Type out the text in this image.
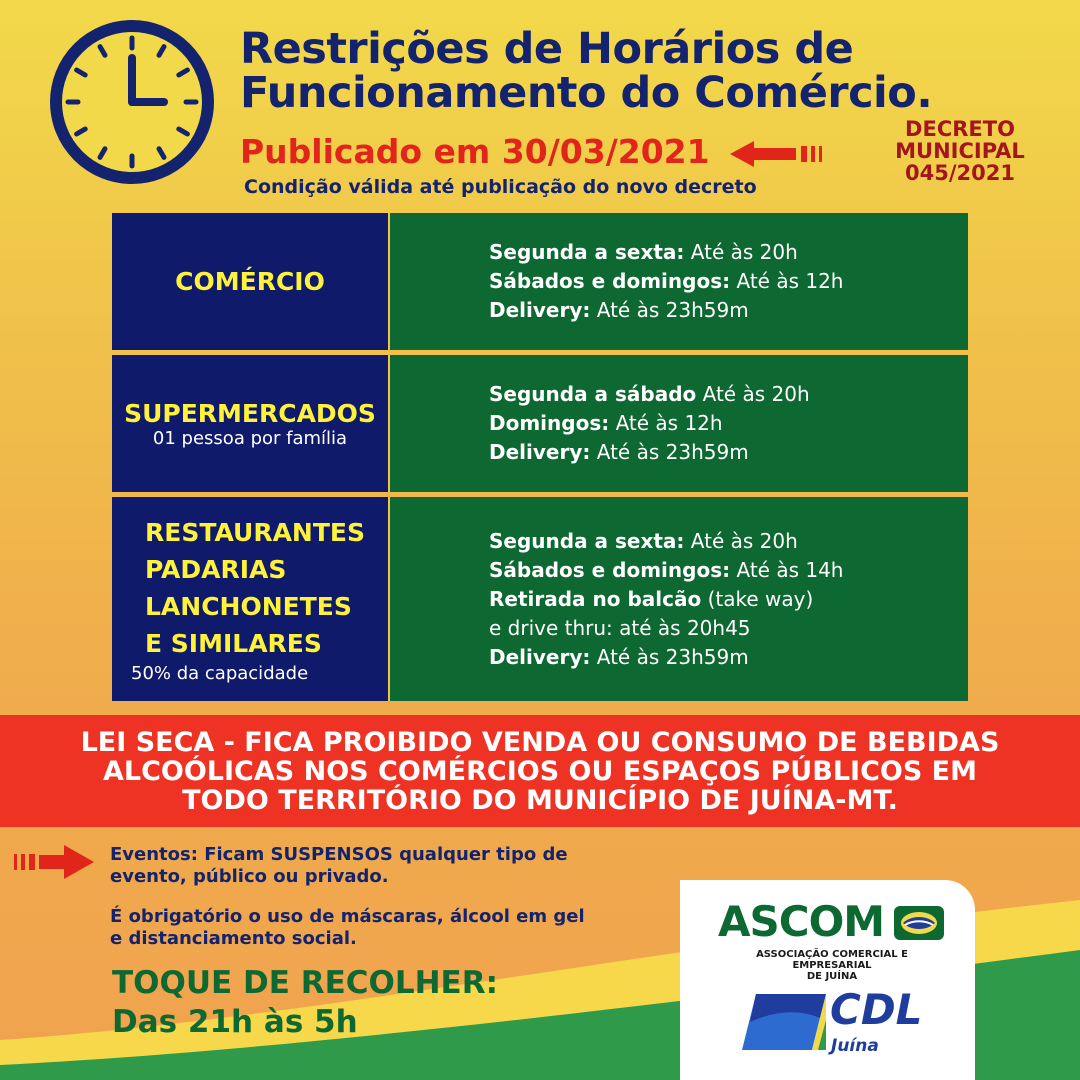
Restrições de Horários de
Funcionamento do Comércio.
Publicado em 30/03/2021
Condição válida até publicação do novo decreto
DECRETO
MUNICIPAL
045/2021
COMÉRCIO
Segunda a sexta: Até às 20h
Sábados e domingos: Até às 12h
Delivery: Até às 23h59m
SUPERMERCADOS
01 pessoa por família
Segunda a sábado Até às 20h
Domingos: Até às 12h
Delivery: Até às 23h59m
RESTAURANTES
PADARIAS
LANCHONETES
E SIMILARES
50% da capacidade
Segunda a sexta: Até às 20h
Sábados e domingos: Até às 14h
Retirada no balcão (take way)
e drive thru: até às 20h45
Delivery: Até às 23h59m
LEI SECA - FICA PROIBIDO VENDA OU CONSUMO DE BEBIDAS
ALCOÓLICAS NOS COMÉRCIOS OU ESPAÇOS PÚBLICOS EM
TODO TERRITÓRIO DO MUNICÍPIO DE JUÍNA-MT.
Eventos: Ficam SUSPENSOS qualquer tipo de
evento, público ou privado.
É obrigatório o uso de máscaras, álcool em gel
e distanciamento social.
TOQUE DE RECOLHER:
Das 21h às 5h
ASCOM
ASSOCIAÇÃO COMERCIAL E EMPRESARIAL
DE JUÍNA
CDL
Juína
